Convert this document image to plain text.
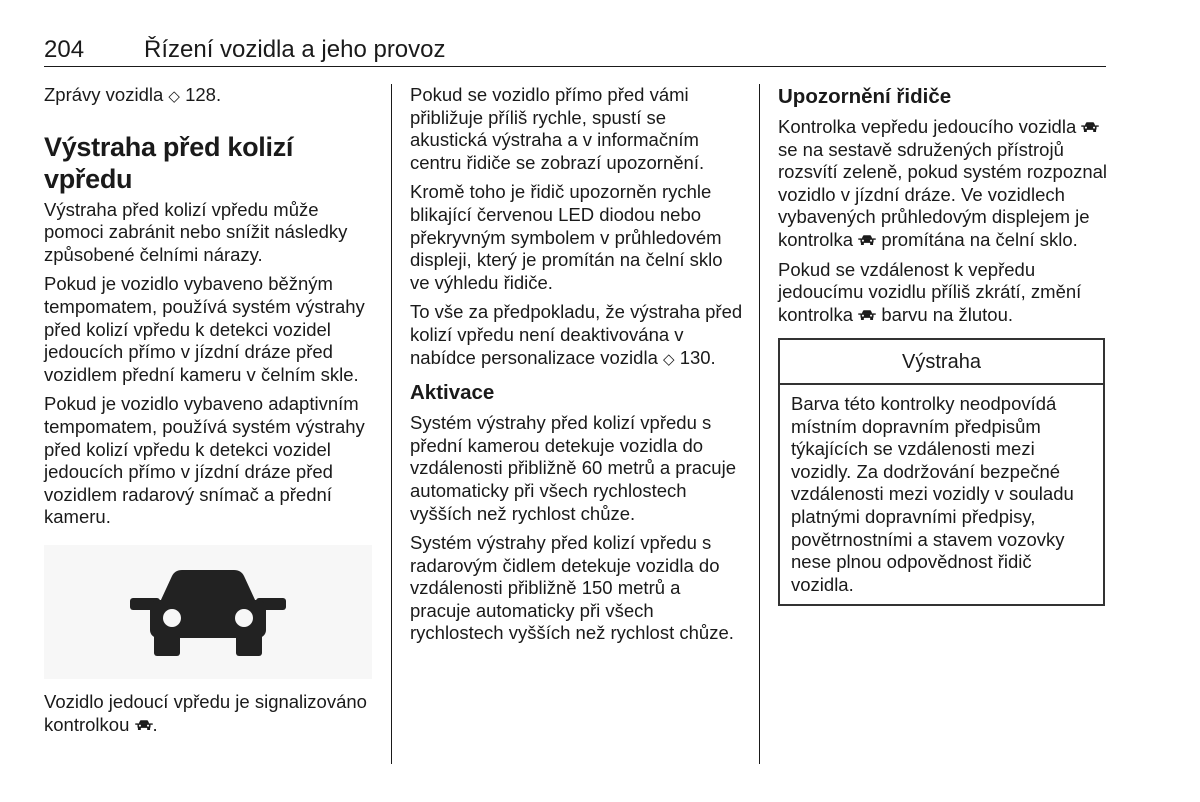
204 Řízení vozidla a jeho provoz

Zprávy vozidla ◇ 128.

Výstraha před kolizí vpředu

Výstraha před kolizí vpředu může pomoci zabránit nebo snížit následky způsobené čelními nárazy.

Pokud je vozidlo vybaveno běžným tempomatem, používá systém výstrahy před kolizí vpředu k detekci vozidel jedoucích přímo v jízdní dráze před vozidlem přední kameru v čelním skle.

Pokud je vozidlo vybaveno adaptivním tempomatem, používá systém výstrahy před kolizí vpředu k detekci vozidel jedoucích přímo v jízdní dráze před vozidlem radarový snímač a přední kameru.

Vozidlo jedoucí vpředu je signalizováno kontrolkou .

Pokud se vozidlo přímo před vámi přibližuje příliš rychle, spustí se akustická výstraha a v informačním centru řidiče se zobrazí upozornění.

Kromě toho je řidič upozorněn rychle blikající červenou LED diodou nebo překryvným symbolem v průhledovém displeji, který je promítán na čelní sklo ve výhledu řidiče.

To vše za předpokladu, že výstraha před kolizí vpředu není deaktivována v nabídce personalizace vozidla ◇ 130.

Aktivace

Systém výstrahy před kolizí vpředu s přední kamerou detekuje vozidla do vzdálenosti přibližně 60 metrů a pracuje automaticky při všech rychlostech vyšších než rychlost chůze.

Systém výstrahy před kolizí vpředu s radarovým čidlem detekuje vozidla do vzdálenosti přibližně 150 metrů a pracuje automaticky při všech rychlostech vyšších než rychlost chůze.

Upozornění řidiče

Kontrolka vepředu jedoucího vozidla  se na sestavě sdružených přístrojů rozsvítí zeleně, pokud systém rozpoznal vozidlo v jízdní dráze. Ve vozidlech vybavených průhledovým displejem je kontrolka promítána na čelní sklo.

Pokud se vzdálenost k vepředu jedoucímu vozidlu příliš zkrátí, změní kontrolka barvu na žlutou.

Výstraha
Barva této kontrolky neodpovídá místním dopravním předpisům týkajících se vzdálenosti mezi vozidly. Za dodržování bezpečné vzdálenosti mezi vozidly v souladu platnými dopravními předpisy, povětrnostními a stavem vozovky nese plnou odpovědnost řidič vozidla.
